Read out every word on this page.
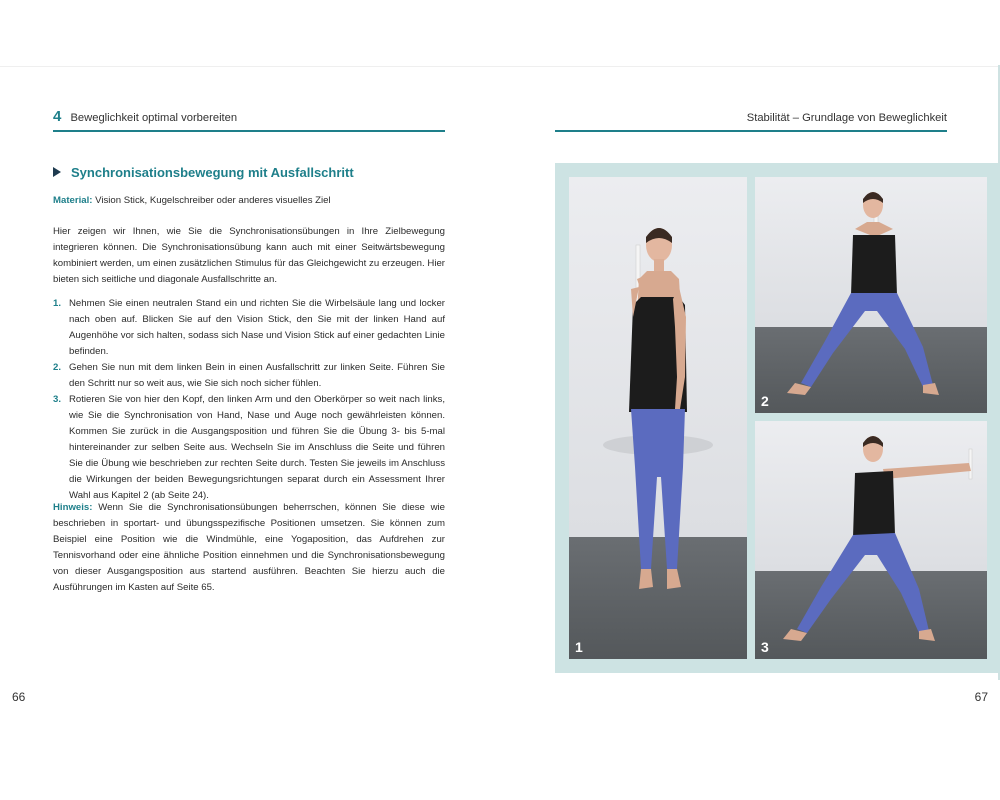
4 Beweglichkeit optimal vorbereiten	Stabilität – Grundlage von Beweglichkeit
Synchronisationsbewegung mit Ausfallschritt
Material: Vision Stick, Kugelschreiber oder anderes visuelles Ziel
Hier zeigen wir Ihnen, wie Sie die Synchronisationsübungen in Ihre Zielbewegung integrieren können. Die Synchronisationsübung kann auch mit einer Seitwärtsbewegung kombiniert werden, um einen zusätzlichen Stimulus für das Gleichgewicht zu erzeugen. Hier bieten sich seitliche und diagonale Ausfallschritte an.
1. Nehmen Sie einen neutralen Stand ein und richten Sie die Wirbelsäule lang und locker nach oben auf. Blicken Sie auf den Vision Stick, den Sie mit der linken Hand auf Augenhöhe vor sich halten, sodass sich Nase und Vision Stick auf einer gedachten Linie befinden.
2. Gehen Sie nun mit dem linken Bein in einen Ausfallschritt zur linken Seite. Führen Sie den Schritt nur so weit aus, wie Sie sich noch sicher fühlen.
3. Rotieren Sie von hier den Kopf, den linken Arm und den Oberkörper so weit nach links, wie Sie die Synchronisation von Hand, Nase und Auge noch gewährleisten können. Kommen Sie zurück in die Ausgangsposition und führen Sie die Übung 3- bis 5-mal hintereinander zur selben Seite aus. Wechseln Sie im Anschluss die Seite und führen Sie die Übung wie beschrieben zur rechten Seite durch. Testen Sie jeweils im Anschluss die Wirkungen der beiden Bewegungsrichtungen separat durch ein Assessment Ihrer Wahl aus Kapitel 2 (ab Seite 24).
Hinweis: Wenn Sie die Synchronisationsübungen beherrschen, können Sie diese wie beschrieben in sportart- und übungsspezifische Positionen umsetzen. Sie können zum Beispiel eine Position wie die Windmühle, eine Yogaposition, das Aufdrehen zur Tennisvorhand oder eine ähnliche Position einnehmen und die Synchronisationsbewegung von dieser Ausgangsposition aus startend ausführen. Beachten Sie hierzu auch die Ausführungen im Kasten auf Seite 65.
66	67
1
2
3
